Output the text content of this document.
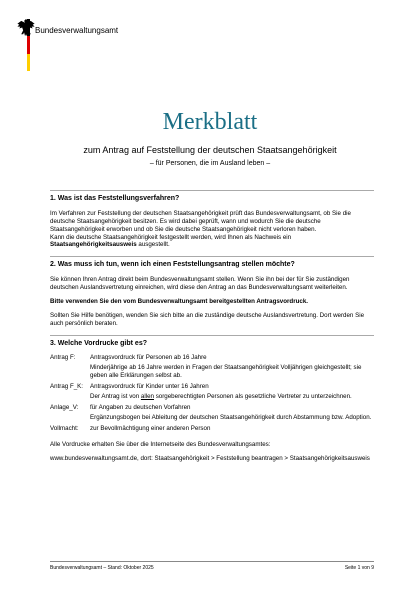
Bundesverwaltungsamt
Merkblatt
zum Antrag auf Feststellung der deutschen Staatsangehörigkeit
– für Personen, die im Ausland leben –
1. Was ist das Feststellungsverfahren?
Im Verfahren zur Feststellung der deutschen Staatsangehörigkeit prüft das Bundesverwaltungsamt, ob Sie die deutsche Staatsangehörigkeit besitzen. Es wird dabei geprüft, wann und wodurch Sie die deutsche Staatsangehörigkeit erworben und ob Sie die deutsche Staatsangehörigkeit nicht verloren haben.
Kann die deutsche Staatsangehörigkeit festgestellt werden, wird Ihnen als Nachweis ein Staatsangehörigkeitsausweis ausgestellt.
2. Was muss ich tun, wenn ich einen Feststellungsantrag stellen möchte?
Sie können Ihren Antrag direkt beim Bundesverwaltungsamt stellen. Wenn Sie ihn bei der für Sie zuständigen deutschen Auslandsvertretung einreichen, wird diese den Antrag an das Bundesverwaltungsamt weiterleiten.
Bitte verwenden Sie den vom Bundesverwaltungsamt bereitgestellten Antragsvordruck.
Sollten Sie Hilfe benötigen, wenden Sie sich bitte an die zuständige deutsche Auslandsvertretung. Dort werden Sie auch persönlich beraten.
3. Welche Vordrucke gibt es?
Antrag F:	Antragsvordruck für Personen ab 16 Jahre
Minderjährige ab 16 Jahre werden in Fragen der Staatsangehörigkeit Volljährigen gleichgestellt; sie geben alle Erklärungen selbst ab.
Antrag F_K:	Antragsvordruck für Kinder unter 16 Jahren
Der Antrag ist von allen sorgeberechtigten Personen als gesetzliche Vertreter zu unterzeichnen.
Anlage_V:	für Angaben zu deutschen Vorfahren
Ergänzungsbogen bei Ableitung der deutschen Staatsangehörigkeit durch Abstammung bzw. Adoption.
Vollmacht:	zur Bevollmächtigung einer anderen Person
Alle Vordrucke erhalten Sie über die Internetseite des Bundesverwaltungsamtes:
www.bundesverwaltungsamt.de, dort: Staatsangehörigkeit > Feststellung beantragen > Staatsangehörigkeitsausweis
Bundesverwaltungsamt – Stand: Oktober 2025	Seite 1 von 9
